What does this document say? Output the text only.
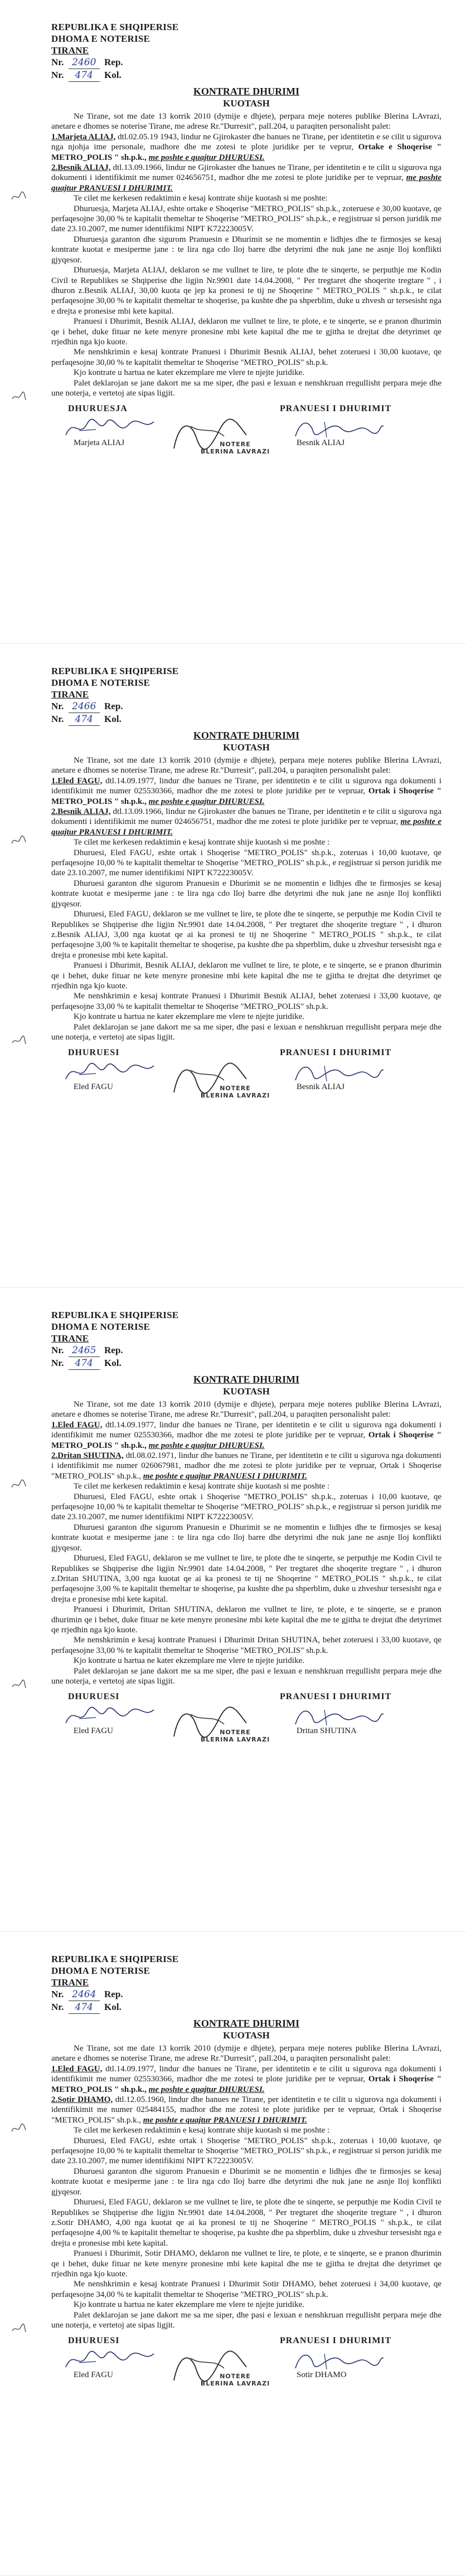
REPUBLIKA E SHQIPERISE
DHOMA E NOTERISE
TIRANE
Nr. 2460 Rep.
Nr. 474 Kol.
KONTRATE DHURIMI
KUOTASH

Ne Tirane, sot me date 13 korrik 2010 (dymije e dhjete), perpara meje noteres publike Blerina LAvrazi, anetare e dhomes se noterise Tirane, me adrese Rr."Durresit", pall.204, u paraqiten personalisht palet:

1.Marjeta ALIAJ, dtl.02.05.19 1943, lindur ne Gjirokaster dhe banues ne Tirane, per identitetin e se cilit u sigurova nga njohja ime personale, madhore dhe me zotesi te plote juridike per te veprur, Ortake e Shoqerise " METRO_POLIS " sh.p.k., me poshte e quajtur DHURUESI.

2.Besnik ALIAJ, dtl.13.09.1966, lindur ne Gjirokaster dhe banues ne Tirane, per identitetin e te cilit u sigurova nga dokumenti i identifikimit me numer 024656751, madhor dhe me zotesi te plote juridike per te vepruar, me poshte quajtur PRANUESI I DHURIMIT.

Te cilet me kerkesen redaktimin e kesaj kontrate shije kuotash si me poshte:

Dhuruesja, Marjeta ALIAJ, eshte ortake e Shoqerise "METRO_POLIS" sh.p.k., zoteruese e 30,00 kuotave, qe perfaqesojne 30,00 % te kapitalit themeltar te Shoqerise "METRO_POLIS" sh.p.k., e regjistruar si person juridik me date 23.10.2007, me numer identifikimi NIPT K72223005V.

Dhuruesja garanton dhe sigurom Pranuesin e Dhurimit se ne momentin e lidhjes dhe te firmosjes se kesaj kontrate kuotat e mesiperme jane : te lira nga cdo lloj barre dhe detyrimi dhe nuk jane ne asnje lloj konflikti gjyqesor.

Dhuruesja, Marjeta ALIAJ, deklaron se me vullnet te lire, te plote dhe te sinqerte, se perputhje me Kodin Civil te Republikes se Shqiperise dhe ligjin Nr.9901 date 14.04.2008, " Per tregtaret dhe shoqerite tregtare " , i dhuron z.Besnik ALIAJ, 30,00 kuota qe jep ka pronesi te tij ne Shoqerine " METRO_POLIS " sh.p.k., te cilat perfaqesojne 30,00 % te kapitalit themeltar te shoqerise, pa kushte dhe pa shperblim, duke u zhvesh ur tersesisht nga e drejta e pronesise mbi kete kapital.

Pranuesi i Dhurimit, Besnik ALIAJ, deklaron me vullnet te lire, te plote, e te sinqerte, se e pranon dhurimin qe i behet, duke fituar ne kete menyre pronesine mbi kete kapital dhe me te gjitha te drejtat dhe detyrimet qe rrjedhin nga kjo kuote.

Me nenshkrimin e kesaj kontrate Pranuesi i Dhurimit Besnik ALIAJ, behet zoteruesi i 30,00 kuotave, qe perfaqesojne 30,00 % te kapitalit themeltar te Shoqerise "METRO_POLIS" sh.p.k.

Kjo kontrate u hartua ne kater ekzemplare me vlere te njejte juridike.

Palet deklarojan se jane dakort me sa me siper, dhe pasi e lexuan e nenshkruan rregullisht perpara meje dhe une noterja, e vertetoj ate sipas ligjit.

DHURUESJA	PRANUESI I DHURIMIT
Marjeta ALIAJ	Besnik ALIAJ
NOTERE
BLERINA LAVRAZI
REPUBLIKA E SHQIPERISE
DHOMA E NOTERISE
TIRANE
Nr. 2466 Rep.
Nr. 474 Kol.
KONTRATE DHURIMI
KUOTASH

Ne Tirane, sot me date 13 korrik 2010 (dymije e dhjete), perpara meje noteres publike Blerina LAvrazi, anetare e dhomes se noterise Tirane, me adrese Rr."Durresit", pall.204, u paraqiten personalisht palet:

1.Eled FAGU, dtl.14.09.1977, lindur dhe banues ne Tirane, per identitetin e te cilit u sigurova nga dokumenti i identifikimit me numer 025530366, madhor dhe me zotesi te plote juridike per te vepruar, Ortak i Shoqerise " METRO_POLIS " sh.p.k., me poshte e quajtur DHURUESI.

2.Besnik ALIAJ, dtl.13.09.1966, lindur ne Gjirokaster dhe banues ne Tirane, per identitetin e te cilit u sigurova nga dokumenti i identifikimit me numer 024656751, madhor dhe me zotesi te plote juridike per te vepruar, me poshte e quajtur PRANUESI I DHURIMIT.

Te cilet me kerkesen redaktimin e kesaj kontrate shije kuotash si me poshte :

Dhuruesi, Eled FAGU, eshte ortak i Shoqerise "METRO_POLIS" sh.p.k., zoteruas i 10,00 kuotave, qe perfaqesojne 10,00 % te kapitalit themeltar te Shoqerise "METRO_POLIS" sh.p.k., e regjistruar si person juridik me date 23.10.2007, me numer identifikimi NIPT K72223005V.

Dhuruesi garanton dhe sigurom Pranuesin e Dhurimit se ne momentin e lidhjes dhe te firmosjes se kesaj kontrate kuotat e mesiperme jane : te lira nga cdo lloj barre dhe detyrimi dhe nuk jane ne asnje lloj konflikti gjyqesor.

Dhuruesi, Eled FAGU, deklaron se me vullnet te lire, te plote dhe te sinqerte, se perputhje me Kodin Civil te Republikes se Shqiperise dhe ligjin Nr.9901 date 14.04.2008, " Per tregtaret dhe shoqerite tregtare " , i dhuron z.Besnik ALIAJ, 3,00 nga kuotat qe ai ka pronesi te tij ne Shoqerine " METRO_POLIS " sh.p.k., te cilat perfaqesojne 3,00 % te kapitalit themeltar te shoqerise, pa kushte dhe pa shperblim, duke u zhveshur tersesisht nga e drejta e pronesise mbi kete kapital.

Pranuesi i Dhurimit, Besnik ALIAJ, deklaron me vullnet te lire, te plote, e te sinqerte, se e pranon dhurimin qe i behet, duke fituar ne kete menyre pronesine mbi kete kapital dhe me te gjitha te drejtat dhe detyrimet qe rrjedhin nga kjo kuote.

Me nenshkrimin e kesaj kontrate Pranuesi i Dhurimit Besnik ALIAJ, behet zoteruesi i 33,00 kuotave, qe perfaqesojne 33,00 % te kapitalit themeltar te Shoqerise "METRO_POLIS" sh.p.k.

Kjo kontrate u hartua ne kater ekzemplare me vlere te njejte juridike.

Palet deklarojan se jane dakort me sa me siper, dhe pasi e lexuan e nenshkruan rregullisht perpara meje dhe une noterja, e vertetoj ate sipas ligjit.

DHURUESI	PRANUESI I DHURIMIT
Eled FAGU	Besnik ALIAJ
NOTERE
BLERINA LAVRAZI
REPUBLIKA E SHQIPERISE
DHOMA E NOTERISE
TIRANE
Nr. 2465 Rep.
Nr. 474 Kol.
KONTRATE DHURIMI
KUOTASH

Ne Tirane, sot me date 13 korrik 2010 (dymije e dhjete), perpara meje noteres publike Blerina LAvrazi, anetare e dhomes se noterise Tirane, me adrese Rr."Durresit", pall.204, u paraqiten personalisht palet:

1.Eled FAGU, dtl.14.09.1977, lindur dhe banues ne Tirane, per identitetin e te cilit u sigurova nga dokumenti i identifikimit me numer 025530366, madhor dhe me zotesi te plote juridike per te vepruar, Ortak i Shoqerise " METRO_POLIS " sh.p.k., me poshte e quajtur DHURUESI.

2.Dritan SHUTINA, dtl.08.02.1971, lindur dhe banues ne Tirane, per identitetin e te cilit u sigurova nga dokumenti i identifikimit me numer 026067981, madhor dhe me zotesi te plote juridike per te vepruar, Ortak i Shoqerise "METRO_POLIS" sh.p.k., me poshte e quajtur PRANUESI I DHURIMIT.

Te cilet me kerkesen redaktimin e kesaj kontrate shije kuotash si me poshte :

Dhuruesi, Eled FAGU, eshte ortak i Shoqerise "METRO_POLIS" sh.p.k., zoteruas i 10,00 kuotave, qe perfaqesojne 10,00 % te kapitalit themeltar te Shoqerise "METRO_POLIS" sh.p.k., e regjistruar si person juridik me date 23.10.2007, me numer identifikimi NIPT K72223005V.

Dhuruesi garanton dhe sigurom Pranuesin e Dhurimit se ne momentin e lidhjes dhe te firmosjes se kesaj kontrate kuotat e mesiperme jane : te lira nga cdo lloj barre dhe detyrimi dhe nuk jane ne asnje lloj konflikti gjyqesor.

Dhuruesi, Eled FAGU, deklaron se me vullnet te lire, te plote dhe te sinqerte, se perputhje me Kodin Civil te Republikes se Shqiperise dhe ligjin Nr.9901 date 14.04.2008, " Per tregtaret dhe shoqerite tregtare " , i dhuron z.Dritan SHUTINA, 3,00 nga kuotat qe ai ka pronesi te tij ne Shoqerine " METRO_POLIS " sh.p.k., te cilat perfaqesojne 3,00 % te kapitalit themeltar te shoqerise, pa kushte dhe pa shperblim, duke u zhveshur tersesisht nga e drejta e pronesise mbi kete kapital.

Pranuesi i Dhurimit, Dritan SHUTINA, deklaron me vullnet te lire, te plote, e te sinqerte, se e pranon dhurimin qe i behet, duke fituar ne kete menyre pronesine mbi kete kapital dhe me te gjitha te drejtat dhe detyrimet qe rrjedhin nga kjo kuote.

Me nenshkrimin e kesaj kontrate Pranuesi i Dhurimit Dritan SHUTINA, behet zoteruesi i 33,00 kuotave, qe perfaqesojne 33,00 % te kapitalit themeltar te Shoqerise "METRO_POLIS" sh.p.k.

Kjo kontrate u hartua ne kater ekzemplare me vlere te njejte juridike.

Palet deklarojan se jane dakort me sa me siper, dhe pasi e lexuan e nenshkruan rregullisht perpara meje dhe une noterja, e vertetoj ate sipas ligjit.

DHURUESI	PRANUESI I DHURIMIT
Eled FAGU	Dritan SHUTINA
NOTERE
BLERINA LAVRAZI
REPUBLIKA E SHQIPERISE
DHOMA E NOTERISE
TIRANE
Nr. 2464 Rep.
Nr. 474 Kol.
KONTRATE DHURIMI
KUOTASH

Ne Tirane, sot me date 13 korrik 2010 (dymije e dhjete), perpara meje noteres publike Blerina LAvrazi, anetare e dhomes se noterise Tirane, me adrese Rr."Durresit", pall.204, u paraqiten personalisht palet:

1.Eled FAGU, dtl.14.09.1977, lindur dhe banues ne Tirane, per identitetin e te cilit u sigurova nga dokumenti i identifikimit me numer 025530366, madhor dhe me zotesi te plote juridike per te vepruar, Ortak i Shoqerise " METRO_POLIS " sh.p.k., me poshte e quajtur DHURUESI.

2.Sotir DHAMO, dtl.12.05.1960, lindur dhe banues ne Tirane, per identitetin e te cilit u sigurova nga dokumenti i identifikimit me numer 025484155, madhor dhe me zotesi te plote juridike per te vepruar, Ortak i Shoqerise "METRO_POLIS" sh.p.k., me poshte e quajtur PRANUESI I DHURIMIT.

Te cilet me kerkesen redaktimin e kesaj kontrate shije kuotash si me poshte :

Dhuruesi, Eled FAGU, eshte ortak i Shoqerise "METRO_POLIS" sh.p.k., zoteruas i 10,00 kuotave, qe perfaqesojne 10,00 % te kapitalit themeltar te Shoqerise "METRO_POLIS" sh.p.k., e regjistruar si person juridik me date 23.10.2007, me numer identifikimi NIPT K72223005V.

Dhuruesi garanton dhe sigurom Pranuesin e Dhurimit se ne momentin e lidhjes dhe te firmosjes se kesaj kontrate kuotat e mesiperme jane : te lira nga cdo lloj barre dhe detyrimi dhe nuk jane ne asnje lloj konflikti gjyqesor.

Dhuruesi, Eled FAGU, deklaron se me vullnet te lire, te plote dhe te sinqerte, se perputhje me Kodin Civil te Republikes se Shqiperise dhe ligjin Nr.9901 date 14.04.2008, " Per tregtaret dhe shoqerite tregtare " , i dhuron z.Sotir DHAMO, 4,00 nga kuotat qe ai ka pronesi te tij ne Shoqerine " METRO_POLIS " sh.p.k., te cilat perfaqesojne 4,00 % te kapitalit themeltar te shoqerise, pa kushte dhe pa shperblim, duke u zhveshur tersesisht nga e drejta e pronesise mbi kete kapital.

Pranuesi i Dhurimit, Sotir DHAMO, deklaron me vullnet te lire, te plote, e te sinqerte, se e pranon dhurimin qe i behet, duke fituar ne kete menyre pronesine mbi kete kapital dhe me te gjitha te drejtat dhe detyrimet qe rrjedhin nga kjo kuote.

Me nenshkrimin e kesaj kontrate Pranuesi i Dhurimit Sotir DHAMO, behet zoteruesi i 34,00 kuotave, qe perfaqesojne 34,00 % te kapitalit themeltar te Shoqerise "METRO_POLIS" sh.p.k.

Kjo kontrate u hartua ne kater ekzemplare me vlere te njejte juridike.

Palet deklarojan se jane dakort me sa me siper, dhe pasi e lexuan e nenshkruan rregullisht perpara meje dhe une noterja, e vertetoj ate sipas ligjit.

DHURUESI	PRANUESI I DHURIMIT
Eled FAGU	Sotir DHAMO
NOTERE
BLERINA LAVRAZI
